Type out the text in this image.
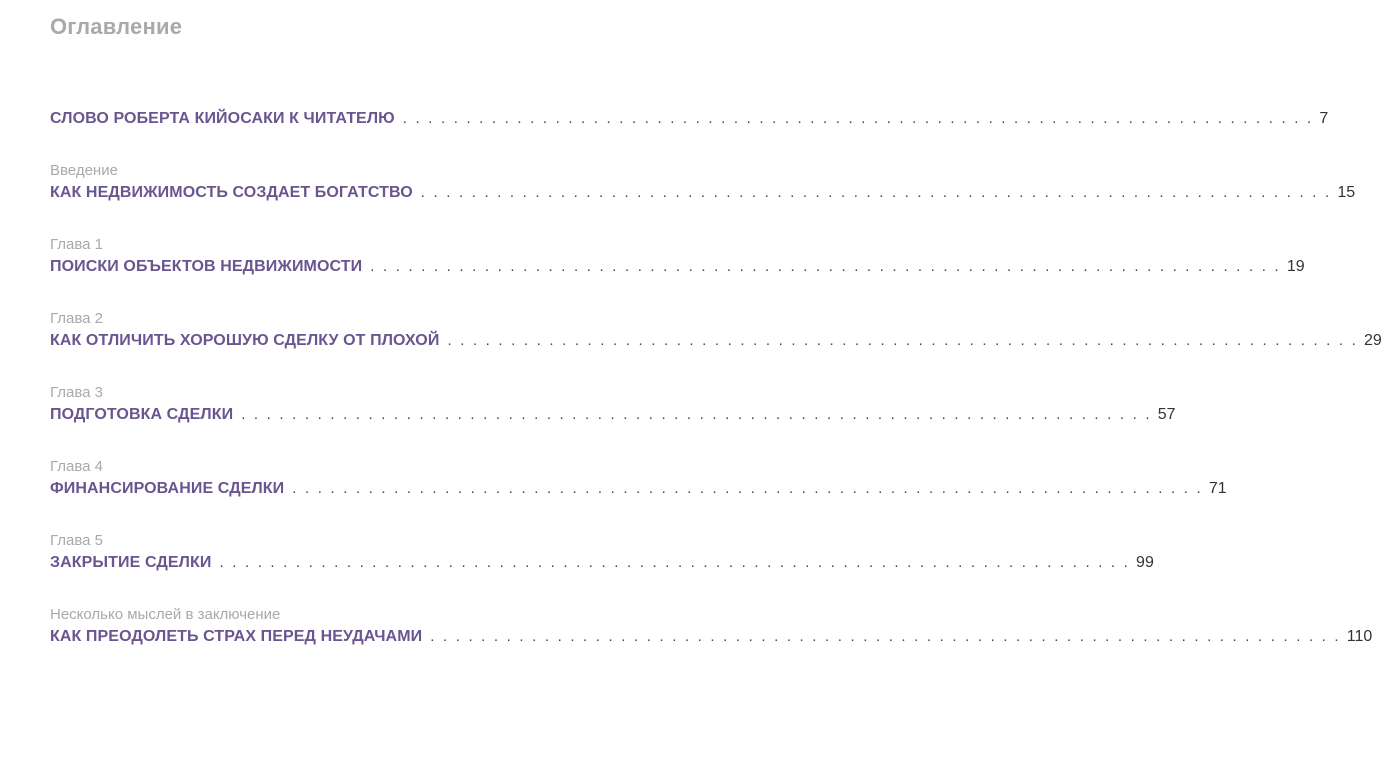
Оглавление
СЛОВО РОБЕРТА КИЙОСАКИ К ЧИТАТЕЛЮ . . . . . . . . . . . . . . . . . . . . . . . . . . . . . . . . . . . . . . . . . . . . . . . . . . . . . . . . . . . . . . . . . . . . . . . . 7
Введение
КАК НЕДВИЖИМОСТЬ СОЗДАЕТ БОГАТСТВО . . . . . . . . . . . . . . . . . . . . . . . . . . . . . . . . . . . . . . . . . . . . . . . . . . . . . . . . . . . . . . . . . . . . . . . . 15
Глава 1
ПОИСКИ ОБЪЕКТОВ НЕДВИЖИМОСТИ . . . . . . . . . . . . . . . . . . . . . . . . . . . . . . . . . . . . . . . . . . . . . . . . . . . . . . . . . . . . . . . . . . . . . . . . 19
Глава 2
КАК ОТЛИЧИТЬ ХОРОШУЮ СДЕЛКУ ОТ ПЛОХОЙ . . . . . . . . . . . . . . . . . . . . . . . . . . . . . . . . . . . . . . . . . . . . . . . . . . . . . . . . . . . . . . . . . . . . . . . . 29
Глава 3
ПОДГОТОВКА СДЕЛКИ . . . . . . . . . . . . . . . . . . . . . . . . . . . . . . . . . . . . . . . . . . . . . . . . . . . . . . . . . . . . . . . . . . . . . . . . 57
Глава 4
ФИНАНСИРОВАНИЕ СДЕЛКИ . . . . . . . . . . . . . . . . . . . . . . . . . . . . . . . . . . . . . . . . . . . . . . . . . . . . . . . . . . . . . . . . . . . . . . . . 71
Глава 5
ЗАКРЫТИЕ СДЕЛКИ . . . . . . . . . . . . . . . . . . . . . . . . . . . . . . . . . . . . . . . . . . . . . . . . . . . . . . . . . . . . . . . . . . . . . . . . 99
Несколько мыслей в заключение
КАК ПРЕОДОЛЕТЬ СТРАХ ПЕРЕД НЕУДАЧАМИ . . . . . . . . . . . . . . . . . . . . . . . . . . . . . . . . . . . . . . . . . . . . . . . . . . . . . . . . . . . . . . . . . . . . . . . . 110
